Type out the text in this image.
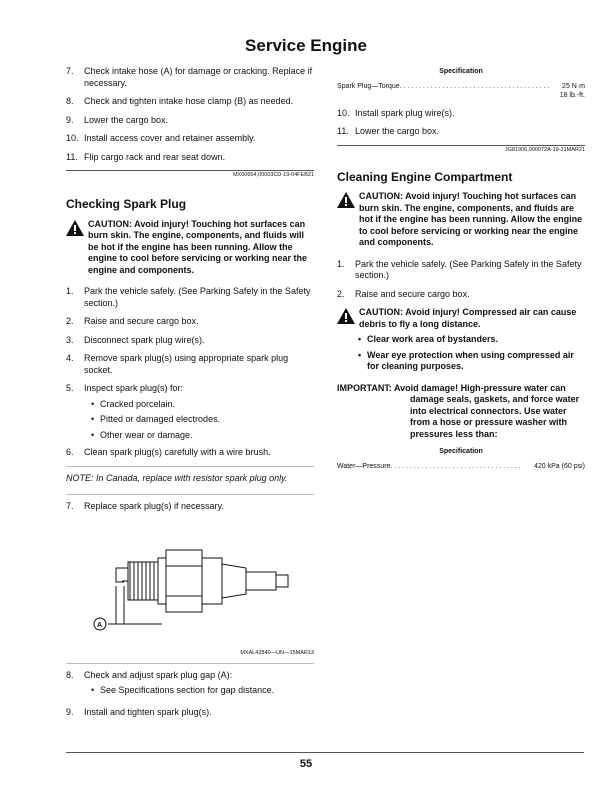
Service Engine
7.	Check intake hose (A) for damage or cracking. Replace if necessary.
8.	Check and tighten intake hose clamp (B) as needed.
9.	Lower the cargo box.
10. Install access cover and retainer assembly.
11. Flip cargo rack and rear seat down.
MX00654,00003CD-19-04FEB21
Checking Spark Plug
CAUTION: Avoid injury! Touching hot surfaces can burn skin. The engine, components, and fluids will be hot if the engine has been running. Allow the engine to cool before servicing or working near the engine and components.
1.	Park the vehicle safely. (See Parking Safely in the Safety section.)
2.	Raise and secure cargo box.
3.	Disconnect spark plug wire(s).
4.	Remove spark plug(s) using appropriate spark plug socket.
5.	Inspect spark plug(s) for:
• Cracked porcelain.
• Pitted or damaged electrodes.
• Other wear or damage.
6.	Clean spark plug(s) carefully with a wire brush.
NOTE: In Canada, replace with resistor spark plug only.
7.	Replace spark plug(s) if necessary.
A
MXAL42840—UN—15MAR13
8.	Check and adjust spark plug gap (A):
• See Specifications section for gap distance.
9.	Install and tighten spark plug(s).
Specification
Spark Plug—Torque . . . . . . . . . . . . . . . . . . . . . . . . . . . . . . . . . . . . . . .	25 N·m
18 lb.-ft.
10. Install spark plug wire(s).
11. Lower the cargo box.
JG81906,000072A-19-31MAR21
Cleaning Engine Compartment
CAUTION: Avoid injury! Touching hot surfaces can burn skin. The engine, components, and fluids are hot if the engine has been running. Allow the engine to cool before servicing or working near the engine and components.
1.	Park the vehicle safely. (See Parking Safely in the Safety section.)
2.	Raise and secure cargo box.
CAUTION: Avoid injury! Compressed air can cause debris to fly a long distance.
• Clear work area of bystanders.
• Wear eye protection when using compressed air for cleaning purposes.
IMPORTANT: Avoid damage! High-pressure water can damage seals, gaskets, and force water into electrical connectors. Use water from a hose or pressure washer with pressures less than:
Specification
Water—Pressure . . . . . . . . . . . . . . . . . . . . . . . . . . . . . . . . . .	420 kPa (60 psi)
55
